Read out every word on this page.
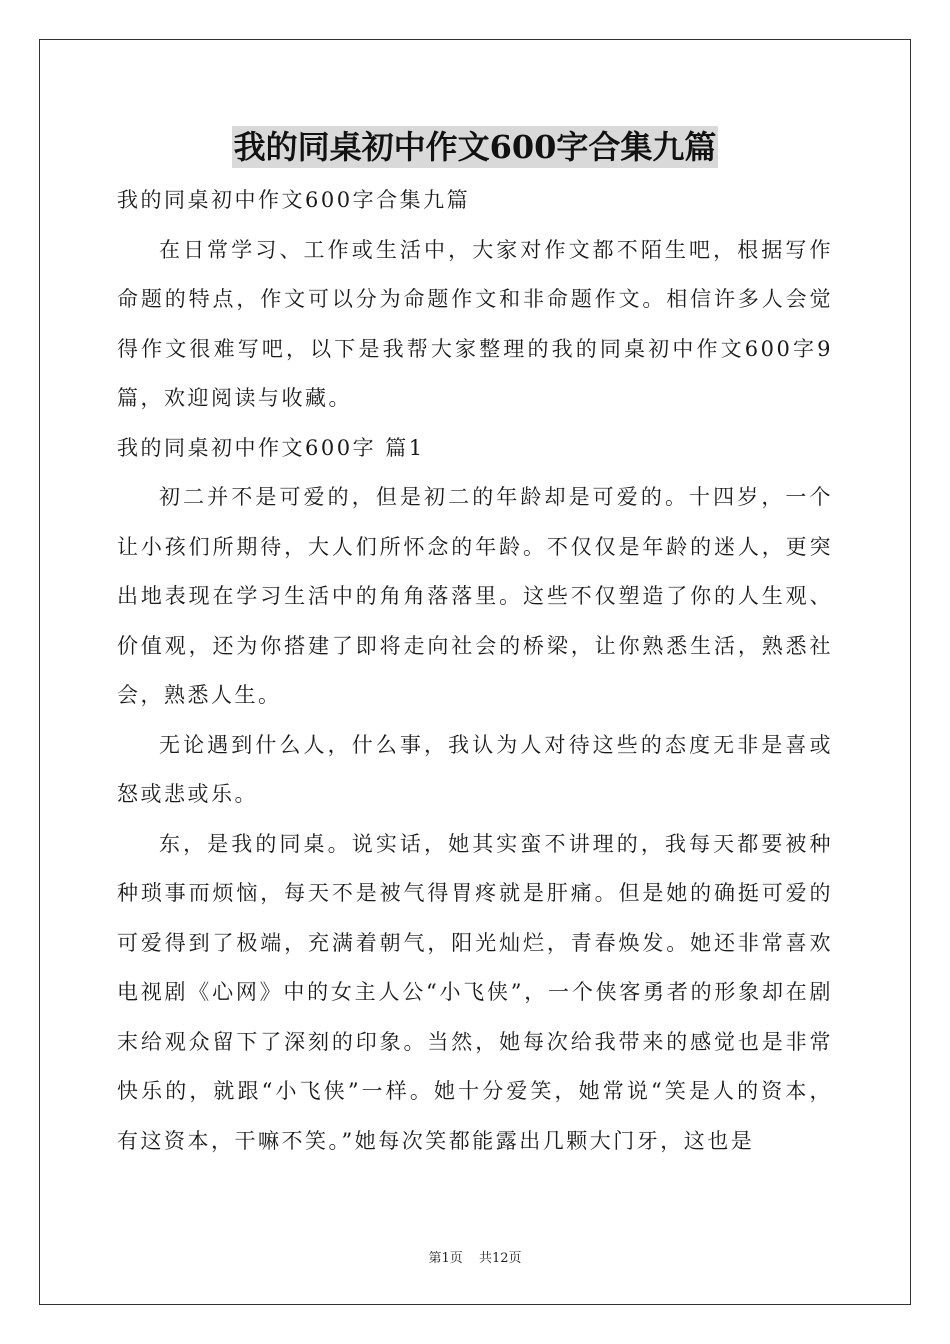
我的同桌初中作文600字合集九篇

我的同桌初中作文600字合集九篇

在日常学习、工作或生活中，大家对作文都不陌生吧，根据写作命题的特点，作文可以分为命题作文和非命题作文。相信许多人会觉得作文很难写吧，以下是我帮大家整理的我的同桌初中作文600字9篇，欢迎阅读与收藏。

我的同桌初中作文600字 篇1

初二并不是可爱的，但是初二的年龄却是可爱的。十四岁，一个让小孩们所期待，大人们所怀念的年龄。不仅仅是年龄的迷人，更突出地表现在学习生活中的角角落落里。这些不仅塑造了你的人生观、价值观，还为你搭建了即将走向社会的桥梁，让你熟悉生活，熟悉社会，熟悉人生。

无论遇到什么人，什么事，我认为人对待这些的态度无非是喜或怒或悲或乐。

东，是我的同桌。说实话，她其实蛮不讲理的，我每天都要被种种琐事而烦恼，每天不是被气得胃疼就是肝痛。但是她的确挺可爱的可爱得到了极端，充满着朝气，阳光灿烂，青春焕发。她还非常喜欢电视剧《心网》中的女主人公“小飞侠”，一个侠客勇者的形象却在剧末给观众留下了深刻的印象。当然，她每次给我带来的感觉也是非常快乐的，就跟“小飞侠”一样。她十分爱笑，她常说“笑是人的资本，有这资本，干嘛不笑。”她每次笑都能露出几颗大门牙，这也是

第1页 共12页
